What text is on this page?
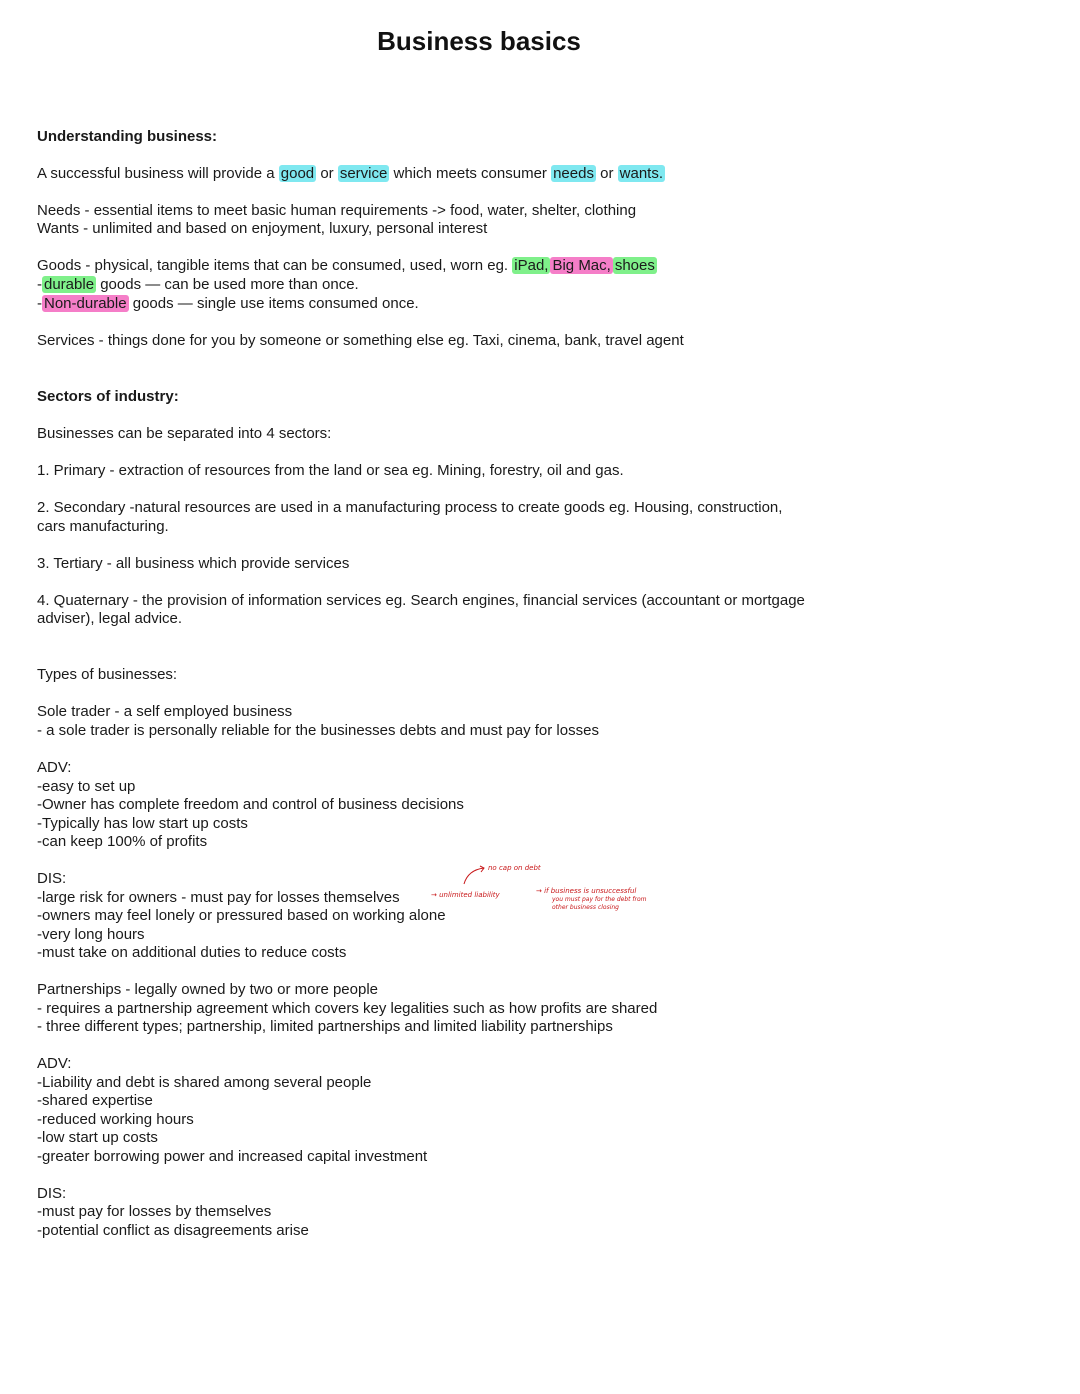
Business basics
Understanding business:
A successful business will provide a good or service which meets consumer needs or wants.
Needs - essential items to meet basic human requirements -> food, water, shelter, clothing
Wants - unlimited and based on enjoyment, luxury, personal interest
Goods - physical, tangible items that can be consumed, used, worn eg. iPad, Big Mac, shoes
- durable goods — can be used more than once.
- Non-durable goods — single use items consumed once.
Services - things done for you by someone or something else eg. Taxi, cinema, bank, travel agent
Sectors of industry:
Businesses can be separated into 4 sectors:
1. Primary - extraction of resources from the land or sea eg. Mining, forestry, oil and gas.
2. Secondary -natural resources are used in a manufacturing process to create goods eg. Housing, construction,
cars manufacturing.
3. Tertiary - all business which provide services
4. Quaternary - the provision of information services eg. Search engines, financial services (accountant or mortgage
adviser), legal advice.
Types of businesses:
Sole trader - a self employed business
- a sole trader is personally reliable for the businesses debts and must pay for losses
ADV:
-easy to set up
-Owner has complete freedom and control of business decisions
-Typically has low start up costs
-can keep 100% of profits
DIS:
-large risk for owners - must pay for losses themselves
-owners may feel lonely or pressured based on working alone
-very long hours
-must take on additional duties to reduce costs
no cap on debt
→ unlimited liability	→ if business is unsuccessful
you must pay for the debt from
other business closing
Partnerships - legally owned by two or more people
- requires a partnership agreement which covers key legalities such as how profits are shared
- three different types; partnership, limited partnerships and limited liability partnerships
ADV:
-Liability and debt is shared among several people
-shared expertise
-reduced working hours
-low start up costs
-greater borrowing power and increased capital investment
DIS:
-must pay for losses by themselves
-potential conflict as disagreements arise
